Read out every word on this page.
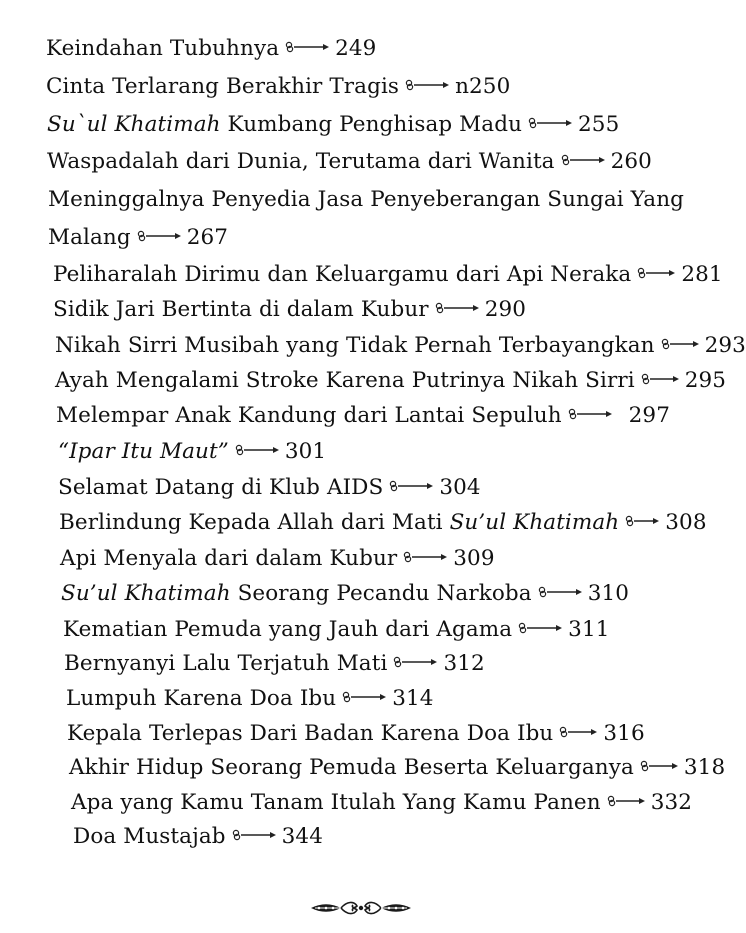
Keindahan Tubuhnya	249
Cinta Terlarang Berakhir Tragis	n250
Su`ul Khatimah Kumbang Penghisap Madu	255
Waspadalah dari Dunia, Terutama dari Wanita	260
Meninggalnya Penyedia Jasa Penyeberangan Sungai Yang
Malang	267
Peliharalah Dirimu dan Keluargamu dari Api Neraka 281
Sidik Jari Bertinta di dalam Kubur	290
Nikah Sirri Musibah yang Tidak Pernah Terbayangkan 293
Ayah Mengalami Stroke Karena Putrinya Nikah Sirri 295
Melempar Anak Kandung dari Lantai Sepuluh	297
“Ipar Itu Maut”	301
Selamat Datang di Klub AIDS	304
Berlindung Kepada Allah dari Mati Su’ul Khatimah 308
Api Menyala dari dalam Kubur	309
Su’ul Khatimah Seorang Pecandu Narkoba	310
Kematian Pemuda yang Jauh dari Agama	311
Bernyanyi Lalu Terjatuh Mati	312
Lumpuh Karena Doa Ibu	314
Kepala Terlepas Dari Badan Karena Doa Ibu 316
Akhir Hidup Seorang Pemuda Beserta Keluarganya 318
Apa yang Kamu Tanam Itulah Yang Kamu Panen 332
Doa Mustajab	344
